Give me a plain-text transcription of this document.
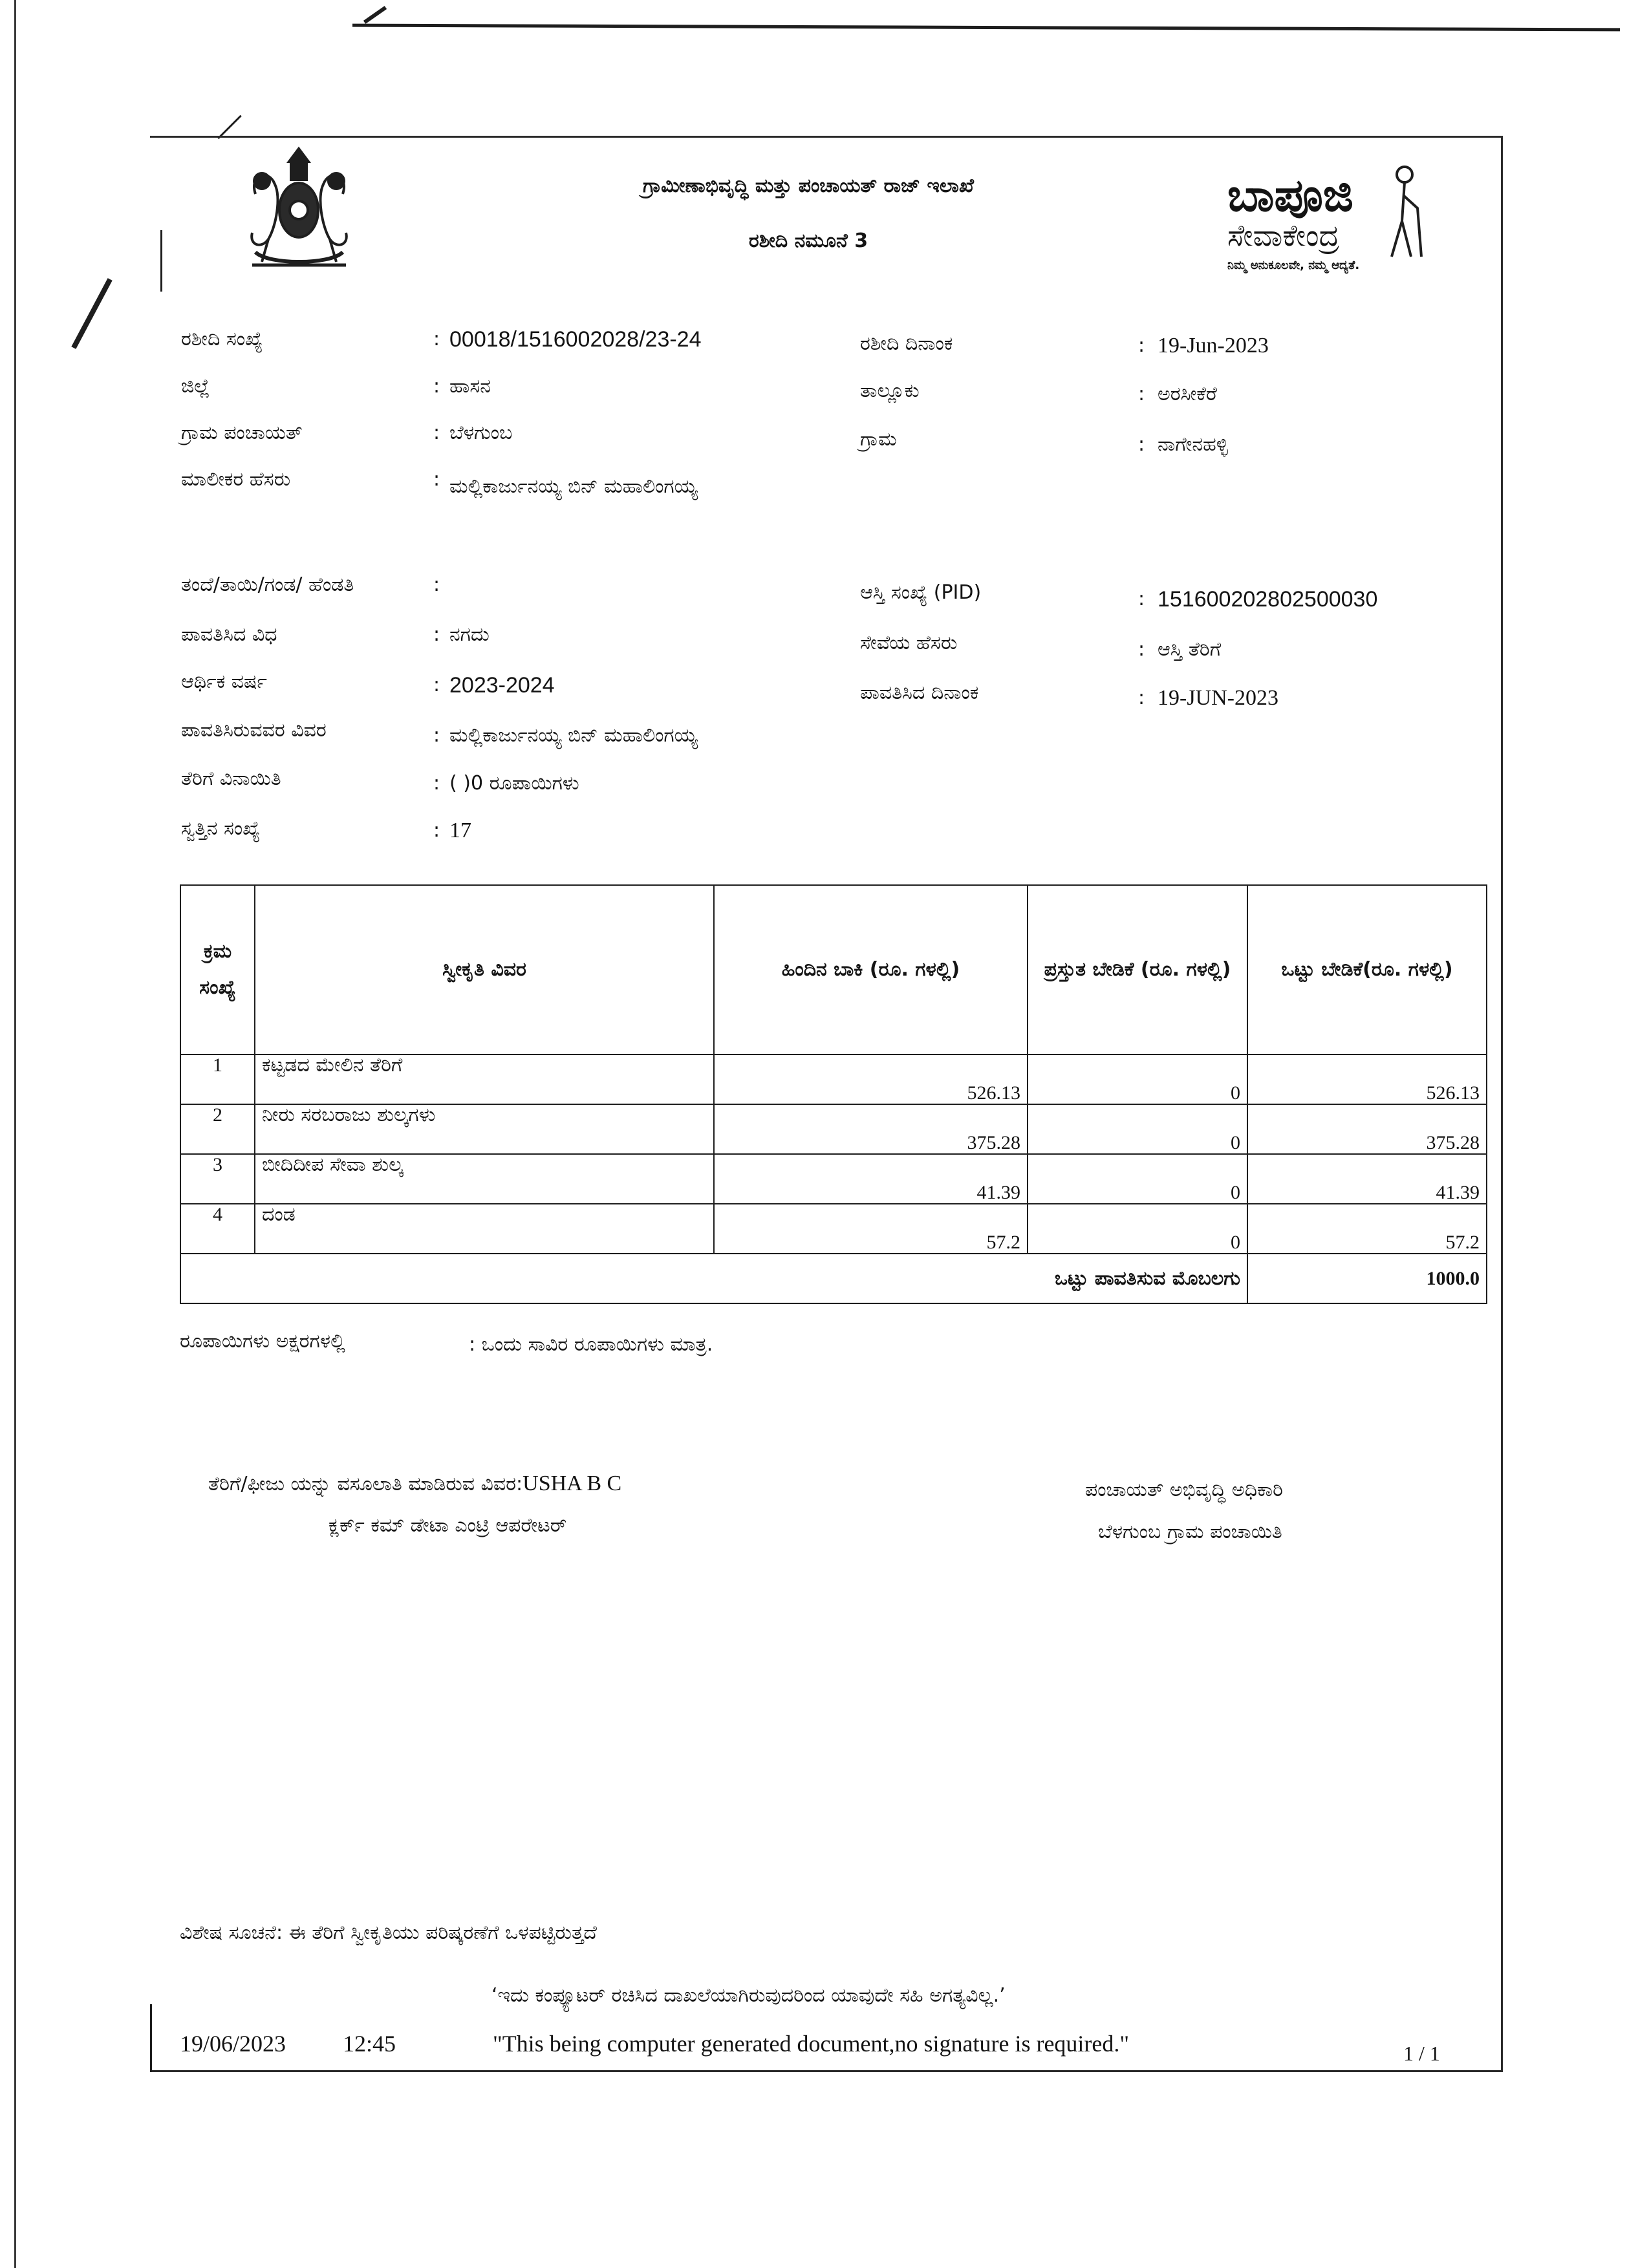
ಗ್ರಾಮೀಣಾಭಿವೃದ್ಧಿ ಮತ್ತು ಪಂಚಾಯತ್ ರಾಜ್ ಇಲಾಖೆ
ರಶೀದಿ ನಮೂನೆ 3
ಬಾಪೂಜಿ
ಸೇವಾಕೇಂದ್ರ
ನಿಮ್ಮ ಅನುಕೂಲವೇ, ನಮ್ಮ ಆದ್ಯತೆ.
ರಶೀದಿ ಸಂಖ್ಯೆ	: 00018/1516002028/23-24
ಜಿಲ್ಲೆ	: ಹಾಸನ
ಗ್ರಾಮ ಪಂಚಾಯತ್	: ಬೆಳಗುಂಬ
ಮಾಲೀಕರ ಹೆಸರು	: ಮಲ್ಲಿಕಾರ್ಜುನಯ್ಯ ಬಿನ್ ಮಹಾಲಿಂಗಯ್ಯ
ತಂದೆ/ತಾಯಿ/ಗಂಡ/ ಹೆಂಡತಿ	:
ಪಾವತಿಸಿದ ವಿಧ	: ನಗದು
ಆರ್ಥಿಕ ವರ್ಷ	: 2023-2024
ಪಾವತಿಸಿರುವವರ ವಿವರ	: ಮಲ್ಲಿಕಾರ್ಜುನಯ್ಯ ಬಿನ್ ಮಹಾಲಿಂಗಯ್ಯ
ತೆರಿಗೆ ವಿನಾಯಿತಿ	: ( )0 ರೂಪಾಯಿಗಳು
ಸ್ವತ್ತಿನ ಸಂಖ್ಯೆ	: 17
ರಶೀದಿ ದಿನಾಂಕ	: 19-Jun-2023
ತಾಲ್ಲೂಕು	: ಅರಸೀಕೆರೆ
ಗ್ರಾಮ	: ನಾಗೇನಹಳ್ಳಿ
ಆಸ್ತಿ ಸಂಖ್ಯೆ (PID)	: 151600202802500030
ಸೇವೆಯ ಹೆಸರು	: ಆಸ್ತಿ ತೆರಿಗೆ
ಪಾವತಿಸಿದ ದಿನಾಂಕ	: 19-JUN-2023
ಕ್ರಮ ಸಂಖ್ಯೆ	ಸ್ವೀಕೃತಿ ವಿವರ	ಹಿಂದಿನ ಬಾಕಿ (ರೂ. ಗಳಲ್ಲಿ)	ಪ್ರಸ್ತುತ ಬೇಡಿಕೆ (ರೂ. ಗಳಲ್ಲಿ)	ಒಟ್ಟು ಬೇಡಿಕೆ(ರೂ. ಗಳಲ್ಲಿ)
1	ಕಟ್ಟಡದ ಮೇಲಿನ ತೆರಿಗೆ	526.13	0	526.13
2	ನೀರು ಸರಬರಾಜು ಶುಲ್ಕಗಳು	375.28	0	375.28
3	ಬೀದಿದೀಪ ಸೇವಾ ಶುಲ್ಕ	41.39	0	41.39
4	ದಂಡ	57.2	0	57.2
ಒಟ್ಟು ಪಾವತಿಸುವ ಮೊಬಲಗು				1000.0
ರೂಪಾಯಿಗಳು ಅಕ್ಷರಗಳಲ್ಲಿ	: ಒಂದು ಸಾವಿರ ರೂಪಾಯಿಗಳು ಮಾತ್ರ.
ತೆರಿಗೆ/ಫೀಜು ಯನ್ನು ವಸೂಲಾತಿ ಮಾಡಿರುವ ವಿವರ:USHA B C
ಕ್ಲರ್ಕ್ ಕಮ್ ಡೇಟಾ ಎಂಟ್ರಿ ಆಪರೇಟರ್
ಪಂಚಾಯತ್ ಅಭಿವೃದ್ಧಿ ಅಧಿಕಾರಿ
ಬೆಳಗುಂಬ ಗ್ರಾಮ ಪಂಚಾಯಿತಿ
ವಿಶೇಷ ಸೂಚನೆ: ಈ ತೆರಿಗೆ ಸ್ವೀಕೃತಿಯು ಪರಿಷ್ಕರಣೆಗೆ ಒಳಪಟ್ಟಿರುತ್ತದೆ
‘ಇದು ಕಂಪ್ಯೂಟರ್ ರಚಿಸಿದ ದಾಖಲೆಯಾಗಿರುವುದರಿಂದ ಯಾವುದೇ ಸಹಿ ಅಗತ್ಯವಿಲ್ಲ.’
19/06/2023 12:45	"This being computer generated document,no signature is required."	1 / 1
